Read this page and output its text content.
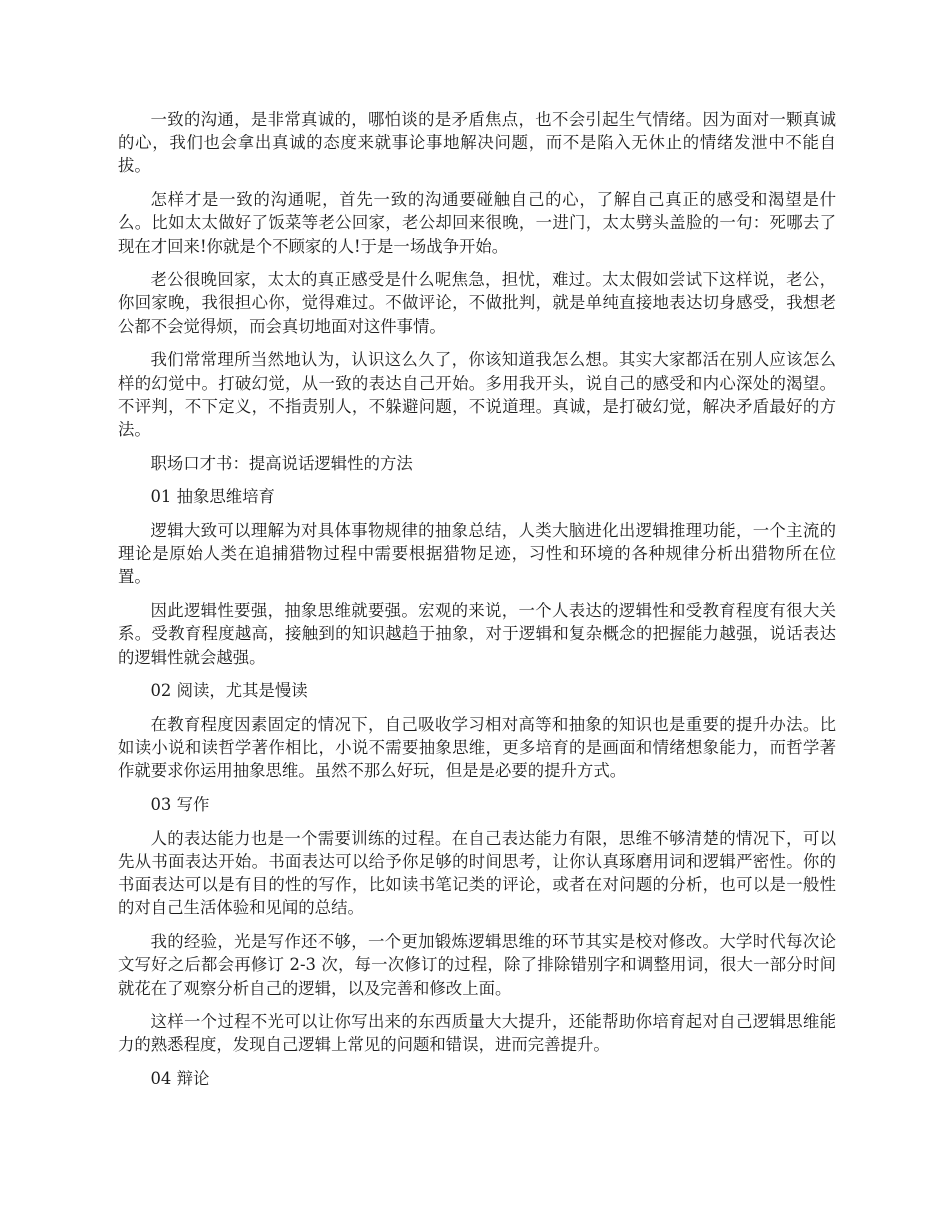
一致的沟通，是非常真诚的，哪怕谈的是矛盾焦点，也不会引起生气情绪。因为面对一颗真诚的心，我们也会拿出真诚的态度来就事论事地解决问题，而不是陷入无休止的情绪发泄中不能自拔。

怎样才是一致的沟通呢，首先一致的沟通要碰触自己的心，了解自己真正的感受和渴望是什么。比如太太做好了饭菜等老公回家，老公却回来很晚，一进门，太太劈头盖脸的一句：死哪去了现在才回来!你就是个不顾家的人!于是一场战争开始。

老公很晚回家，太太的真正感受是什么呢焦急，担忧，难过。太太假如尝试下这样说，老公，你回家晚，我很担心你，觉得难过。不做评论，不做批判，就是单纯直接地表达切身感受，我想老公都不会觉得烦，而会真切地面对这件事情。

我们常常理所当然地认为，认识这么久了，你该知道我怎么想。其实大家都活在别人应该怎么样的幻觉中。打破幻觉，从一致的表达自己开始。多用我开头，说自己的感受和内心深处的渴望。不评判，不下定义，不指责别人，不躲避问题，不说道理。真诚，是打破幻觉，解决矛盾最好的方法。

职场口才书：提高说话逻辑性的方法

01 抽象思维培育

逻辑大致可以理解为对具体事物规律的抽象总结，人类大脑进化出逻辑推理功能，一个主流的理论是原始人类在追捕猎物过程中需要根据猎物足迹，习性和环境的各种规律分析出猎物所在位置。

因此逻辑性要强，抽象思维就要强。宏观的来说，一个人表达的逻辑性和受教育程度有很大关系。受教育程度越高，接触到的知识越趋于抽象，对于逻辑和复杂概念的把握能力越强，说话表达的逻辑性就会越强。

02 阅读，尤其是慢读

在教育程度因素固定的情况下，自己吸收学习相对高等和抽象的知识也是重要的提升办法。比如读小说和读哲学著作相比，小说不需要抽象思维，更多培育的是画面和情绪想象能力，而哲学著作就要求你运用抽象思维。虽然不那么好玩，但是是必要的提升方式。

03 写作

人的表达能力也是一个需要训练的过程。在自己表达能力有限，思维不够清楚的情况下，可以先从书面表达开始。书面表达可以给予你足够的时间思考，让你认真琢磨用词和逻辑严密性。你的书面表达可以是有目的性的写作，比如读书笔记类的评论，或者在对问题的分析，也可以是一般性的对自己生活体验和见闻的总结。

我的经验，光是写作还不够，一个更加锻炼逻辑思维的环节其实是校对修改。大学时代每次论文写好之后都会再修订 2-3 次，每一次修订的过程，除了排除错别字和调整用词，很大一部分时间就花在了观察分析自己的逻辑，以及完善和修改上面。

这样一个过程不光可以让你写出来的东西质量大大提升，还能帮助你培育起对自己逻辑思维能力的熟悉程度，发现自己逻辑上常见的问题和错误，进而完善提升。

04 辩论
